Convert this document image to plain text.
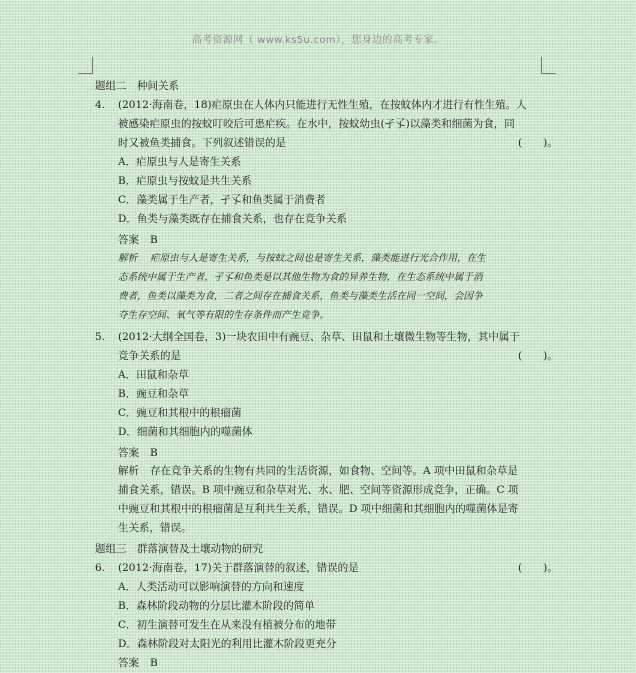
高考资源网（ www.ks5u.com），您身边的高考专家。
题组二　种间关系
4.	(2012·海南卷，18)疟原虫在人体内只能进行无性生殖，在按蚊体内才进行有性生殖。人
被感染疟原虫的按蚊叮咬后可患疟疾。在水中，按蚊幼虫(孑孓)以藻类和细菌为食，同
时又被鱼类捕食。下列叙述错误的是	(　　)。
A．疟原虫与人是寄生关系
B．疟原虫与按蚊是共生关系
C．藻类属于生产者，孑孓和鱼类属于消费者
D．鱼类与藻类既存在捕食关系，也存在竞争关系
答案 B
解析 疟原虫与人是寄生关系，与按蚊之间也是寄生关系，藻类能进行光合作用，在生
态系统中属于生产者，孑孓和鱼类是以其他生物为食的异养生物，在生态系统中属于消
费者，鱼类以藻类为食，二者之间存在捕食关系，鱼类与藻类生活在同一空间，会因争
夺生存空间、氧气等有限的生存条件而产生竞争。
5.	(2012·大纲全国卷，3)一块农田中有豌豆、杂草、田鼠和土壤微生物等生物，其中属于
竞争关系的是	(　　)。
A．田鼠和杂草
B．豌豆和杂草
C．豌豆和其根中的根瘤菌
D．细菌和其细胞内的噬菌体
答案 B
解析 存在竞争关系的生物有共同的生活资源，如食物、空间等。A 项中田鼠和杂草是
捕食关系，错误。B 项中豌豆和杂草对光、水、肥、空间等资源形成竞争，正确。C 项
中豌豆和其根中的根瘤菌是互利共生关系，错误。D 项中细菌和其细胞内的噬菌体是寄
生关系，错误。
题组三　群落演替及土壤动物的研究
6.	(2012·海南卷，17)关于群落演替的叙述，错误的是	(　　)。
A．人类活动可以影响演替的方向和速度
B．森林阶段动物的分层比灌木阶段的简单
C．初生演替可发生在从来没有植被分布的地带
D．森林阶段对太阳光的利用比灌木阶段更充分
答案 B
